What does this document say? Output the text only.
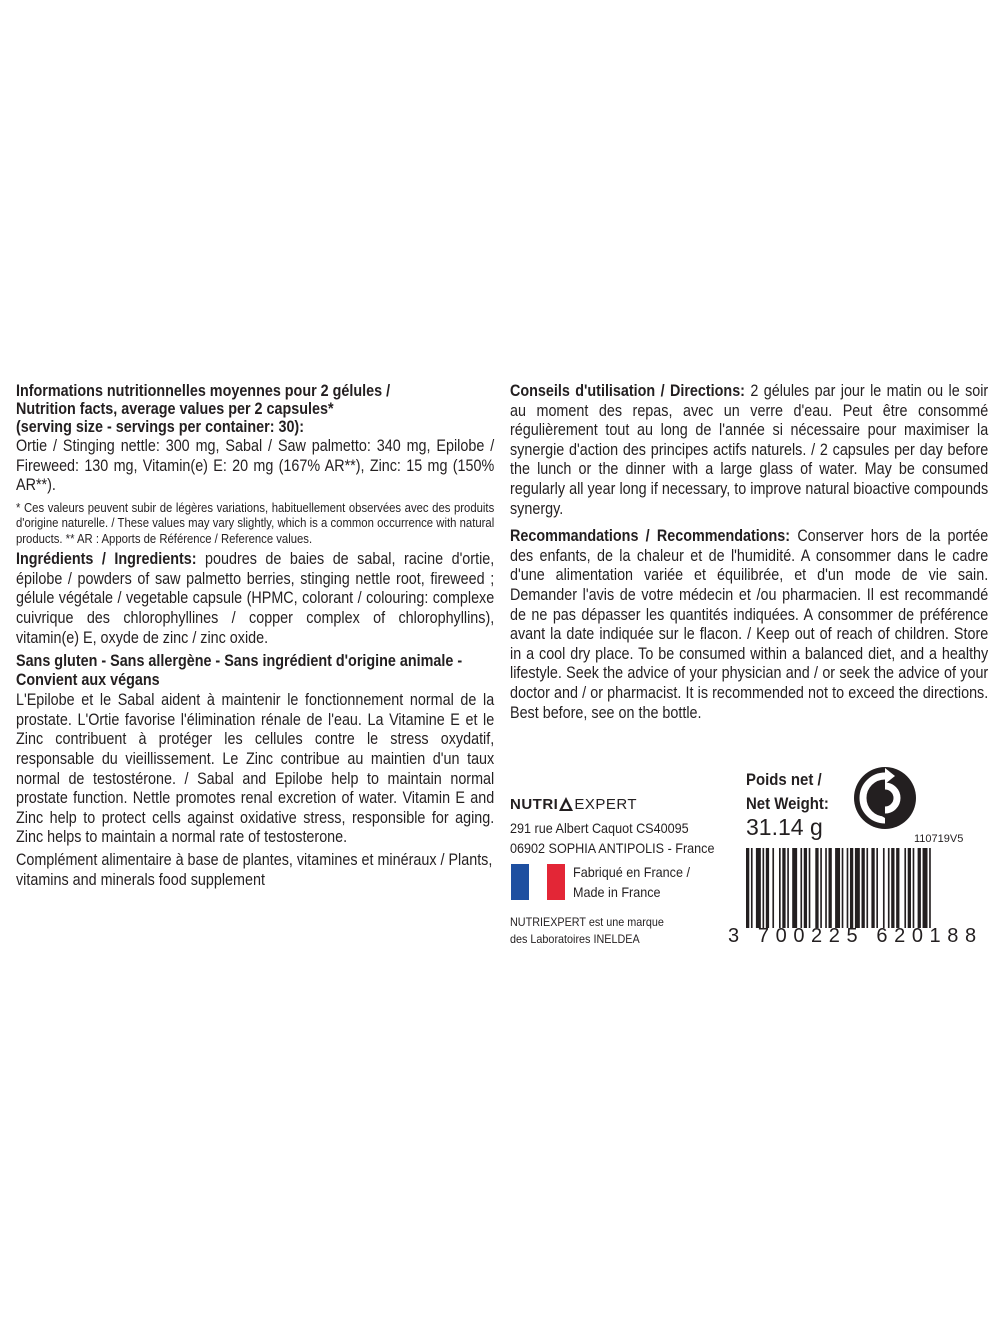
Informations nutritionnelles moyennes pour 2 gélules /

Nutrition facts, average values per 2 capsules*

(serving size - servings per container: 30):

Ortie / Stinging nettle: 300 mg, Sabal / Saw palmetto: 340 mg, Epilobe / Fireweed: 130 mg, Vitamin(e) E: 20 mg (167% AR**), Zinc: 15 mg (150% AR**).

* Ces valeurs peuvent subir de légères variations, habituellement observées avec des produits d'origine naturelle. / These values may vary slightly, which is a common occurrence with natural products. ** AR : Apports de Référence / Reference values.

Ingrédients / Ingredients: poudres de baies de sabal, racine d'ortie, épilobe / powders of saw palmetto berries, stinging nettle root, fireweed ; gélule végétale / vegetable capsule (HPMC, colorant / colouring: complexe cuivrique des chlorophyllines / copper complex of chlorophyllins), vitamin(e) E, oxyde de zinc / zinc oxide.

Sans gluten - Sans allergène - Sans ingrédient d'origine animale - Convient aux végans

L'Epilobe et le Sabal aident à maintenir le fonctionnement normal de la prostate. L'Ortie favorise l'élimination rénale de l'eau. La Vitamine E et le Zinc contribuent à protéger les cellules contre le stress oxydatif, responsable du vieillissement. Le Zinc contribue au maintien d'un taux normal de testostérone. / Sabal and Epilobe help to maintain normal prostate function. Nettle promotes renal excretion of water. Vitamin E and Zinc help to protect cells against oxidative stress, responsible for aging. Zinc helps to maintain a normal rate of testosterone.

Complément alimentaire à base de plantes, vitamines et minéraux / Plants, vitamins and minerals food supplement

Conseils d'utilisation / Directions: 2 gélules par jour le matin ou le soir au moment des repas, avec un verre d'eau. Peut être consommé régulièrement tout au long de l'année si nécessaire pour maximiser la synergie d'action des principes actifs naturels. / 2 capsules per day before the lunch or the dinner with a large glass of water. May be consumed regularly all year long if necessary, to improve natural bioactive compounds synergy.

Recommandations / Recommendations: Conserver hors de la portée des enfants, de la chaleur et de l'humidité. A consommer dans le cadre d'une alimentation variée et équilibrée, et d'un mode de vie sain. Demander l'avis de votre médecin et /ou pharmacien. Il est recommandé de ne pas dépasser les quantités indiquées. A consommer de préférence avant la date indiquée sur le flacon. / Keep out of reach of children. Store in a cool dry place. To be consumed within a balanced diet, and a healthy lifestyle. Seek the advice of your physician and / or seek the advice of your doctor and / or pharmacist. It is recommended not to exceed the directions. Best before, see on the bottle.

NUTRI EXPERT
291 rue Albert Caquot CS40095
06902 SOPHIA ANTIPOLIS - France
Fabriqué en France /
Made in France
NUTRIEXPERT est une marque
des Laboratoires INELDEA
Poids net /
Net Weight:
31.14 g	110719V5
3 700225 620188
